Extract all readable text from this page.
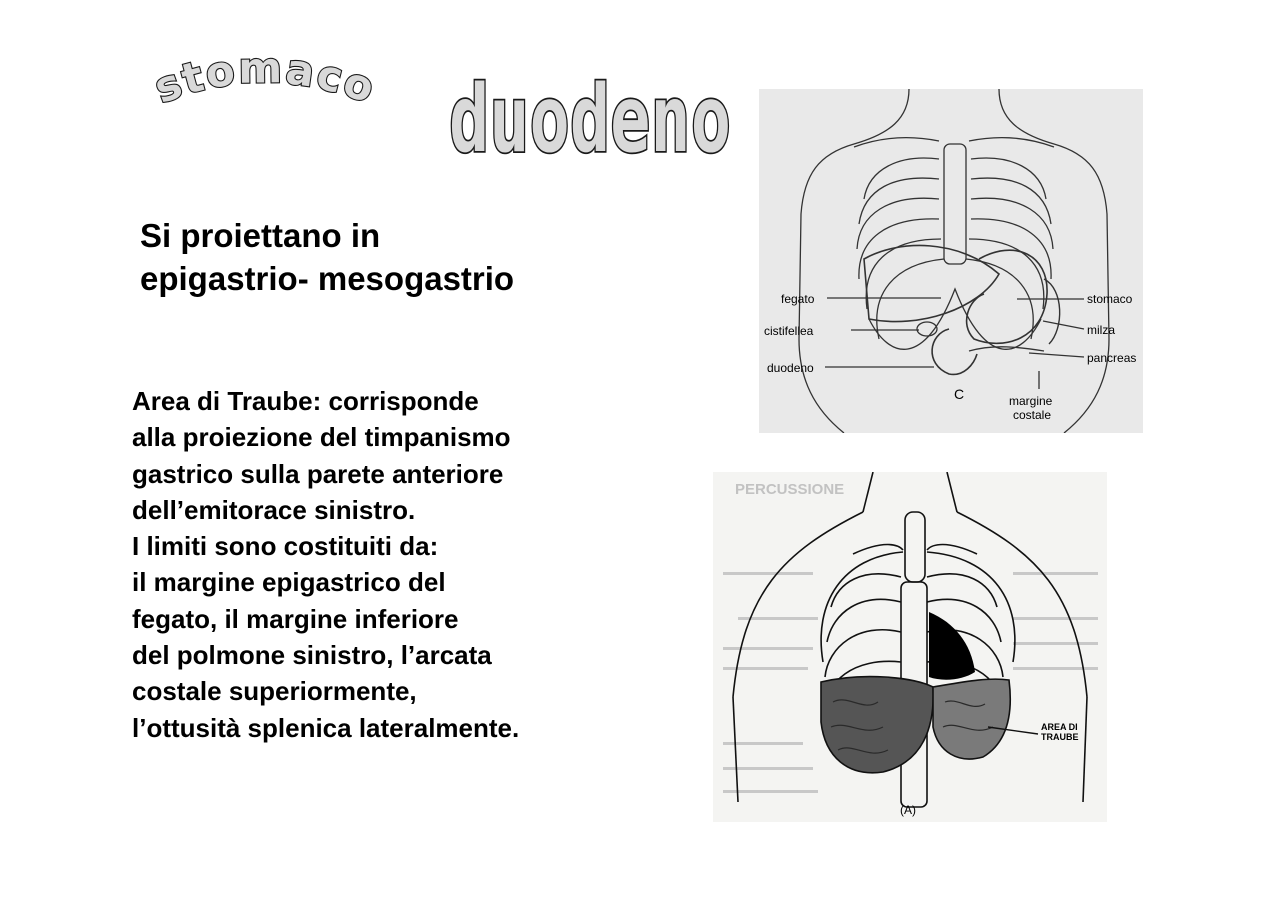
stomaco duodeno

Si proiettano in
epigastrio- mesogastrio

Area di Traube: corrisponde
alla proiezione del timpanismo
gastrico sulla parete anteriore
dell’emitorace sinistro.
I limiti sono costituiti da:
il margine epigastrico del
fegato, il margine inferiore
del polmone sinistro, l’arcata
costale superiormente,
l’ottusità splenica lateralmente.

fegato
cistifellea
duodeno
stomaco
milza
pancreas
margine
costale
C
PERCUSSIONE
AREA DI
TRAUBE
(A)
